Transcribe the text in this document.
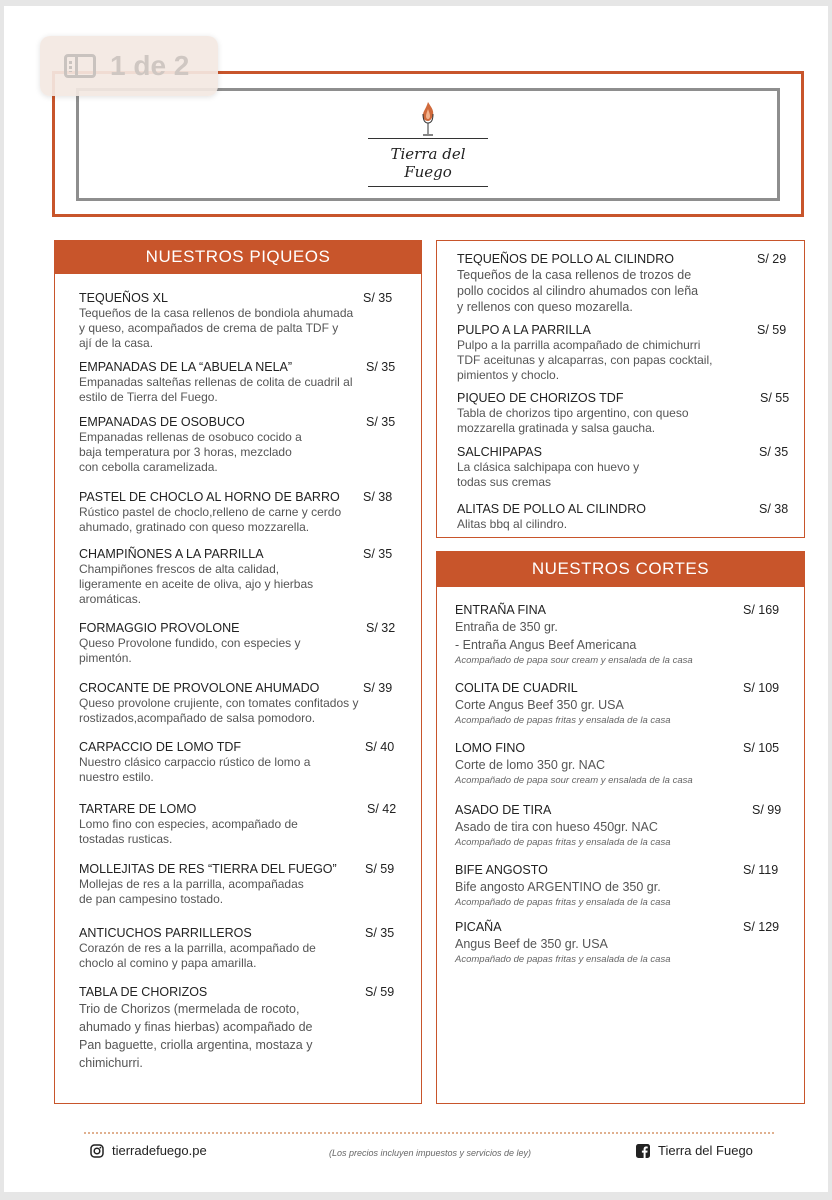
1 de 2
Tierra del Fuego
NUESTROS PIQUEOS
TEQUEÑOS XL	S/ 35
Tequeños de la casa rellenos de bondiola ahumada
y queso, acompañados de crema de palta TDF y
ají de la casa.
EMPANADAS DE LA “ABUELA NELA”	S/ 35
Empanadas salteñas rellenas de colita de cuadril al
estilo de Tierra del Fuego.
EMPANADAS DE OSOBUCO	S/ 35
Empanadas rellenas de osobuco cocido a
baja temperatura por 3 horas, mezclado
con cebolla caramelizada.
PASTEL DE CHOCLO AL HORNO DE BARRO	S/ 38
Rústico pastel de choclo,relleno de carne y cerdo
ahumado, gratinado con queso mozzarella.
CHAMPIÑONES A LA PARRILLA	S/ 35
Champiñones frescos de alta calidad,
ligeramente en aceite de oliva, ajo y hierbas
aromáticas.
FORMAGGIO PROVOLONE	S/ 32
Queso Provolone fundido, con especies y
pimentón.
CROCANTE DE PROVOLONE AHUMADO	S/ 39
Queso provolone crujiente, con tomates confitados y
rostizados,acompañado de salsa pomodoro.
CARPACCIO DE LOMO TDF	S/ 40
Nuestro clásico carpaccio rústico de lomo a
nuestro estilo.
TARTARE DE LOMO	S/ 42
Lomo fino con especies, acompañado de
tostadas rusticas.
MOLLEJITAS DE RES “TIERRA DEL FUEGO”	S/ 59
Mollejas de res a la parrilla, acompañadas
de pan campesino tostado.
ANTICUCHOS PARRILLEROS	S/ 35
Corazón de res a la parrilla, acompañado de
choclo al comino y papa amarilla.
TABLA DE CHORIZOS	S/ 59
Trio de Chorizos (mermelada de rocoto,
ahumado y finas hierbas) acompañado de
Pan baguette, criolla argentina, mostaza y
chimichurri.
TEQUEÑOS DE POLLO AL CILINDRO	S/ 29
Tequeños de la casa rellenos de trozos de
pollo cocidos al cilindro ahumados con leña
y rellenos con queso mozarella.
PULPO A LA PARRILLA	S/ 59
Pulpo a la parrilla acompañado de chimichurri
TDF aceitunas y alcaparras, con papas cocktail,
pimientos y choclo.
PIQUEO DE CHORIZOS TDF	S/ 55
Tabla de chorizos tipo argentino, con queso
mozzarella gratinada y salsa gaucha.
SALCHIPAPAS	S/ 35
La clásica salchipapa con huevo y
todas sus cremas
ALITAS DE POLLO AL CILINDRO	S/ 38
Alitas bbq al cilindro.
NUESTROS CORTES
ENTRAÑA FINA	S/ 169
Entraña de 350 gr.
- Entraña Angus Beef Americana
Acompañado de papa sour cream y ensalada de la casa
COLITA DE CUADRIL	S/ 109
Corte Angus Beef 350 gr. USA
Acompañado de papas fritas y ensalada de la casa
LOMO FINO	S/ 105
Corte de lomo 350 gr. NAC
Acompañado de papa sour cream y ensalada de la casa
ASADO DE TIRA	S/ 99
Asado de tira con hueso 450gr. NAC
Acompañado de papas fritas y ensalada de la casa
BIFE ANGOSTO	S/ 119
Bife angosto ARGENTINO de 350 gr.
Acompañado de papas fritas y ensalada de la casa
PICAÑA	S/ 129
Angus Beef de 350 gr. USA
Acompañado de papas fritas y ensalada de la casa
tierradefuego.pe	(Los precios incluyen impuestos y servicios de ley)	Tierra del Fuego
